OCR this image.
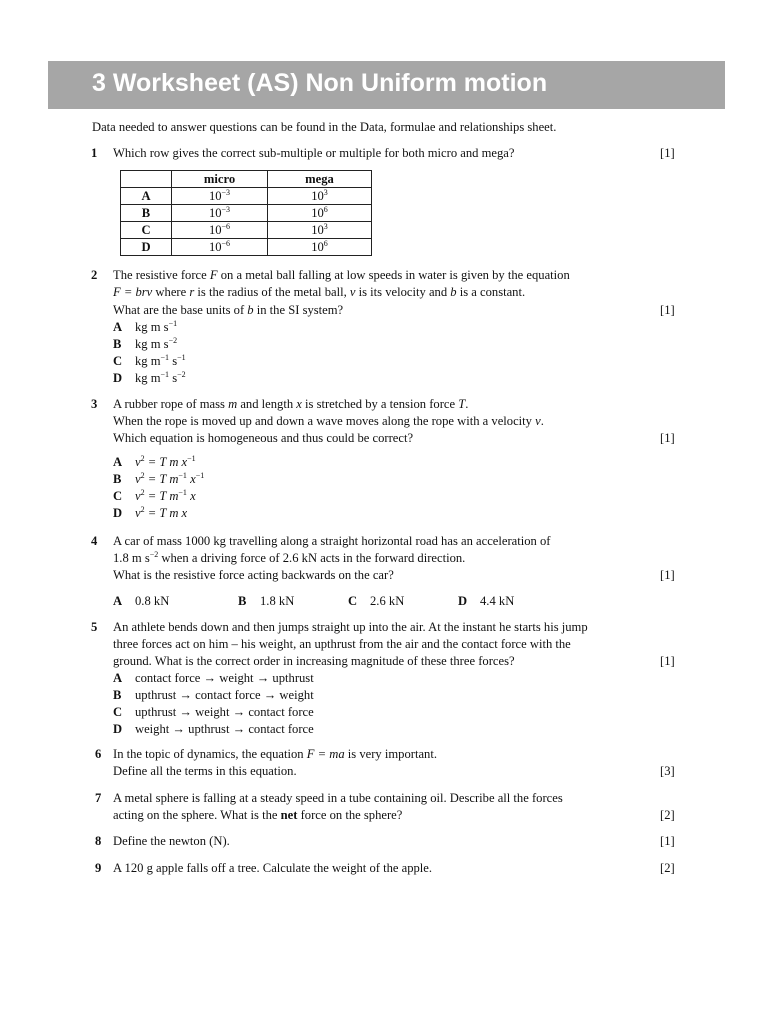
3 Worksheet (AS) Non Uniform motion
Data needed to answer questions can be found in the Data, formulae and relationships sheet.
1	Which row gives the correct sub-multiple or multiple for both micro and mega?	[1]
	micro	mega
A	$10^{-3}$	$10^3$
B	$10^{-3}$	$10^6$
C	$10^{-6}$	$10^3$
D	$10^{-6}$	$10^6$
2	The resistive force F on a metal ball falling at low speeds in water is given by the equation
F = brv where r is the radius of the metal ball, v is its velocity and b is a constant.
What are the base units of b in the SI system?	[1]
A kg m $s^{-1}$
B kg m $s^{-2}$
C kg $m^{-1}$ $s^{-1}$
D kg $m^{-1}$ $s^{-2}$
3	A rubber rope of mass m and length x is stretched by a tension force T.
When the rope is moved up and down a wave moves along the rope with a velocity v.
Which equation is homogeneous and thus could be correct?	[1]
A $v^2 = T$ m $x^{-1}$
B $v^2 = T$ $m^{-1}$ $x^{-1}$
C $v^2 = T$ $m^{-1}$ x
D $v^2 = T$ m x
4	A car of mass 1000 kg travelling along a straight horizontal road has an acceleration of
1.8 m $s^{-2}$ when a driving force of 2.6 kN acts in the forward direction.
What is the resistive force acting backwards on the car?	[1]
A 0.8 kN	B 1.8 kN	C 2.6 kN	D 4.4 kN
5	An athlete bends down and then jumps straight up into the air. At the instant he starts his jump
three forces act on him – his weight, an upthrust from the air and the contact force with the
ground. What is the correct order in increasing magnitude of these three forces?	[1]
A contact force → weight → upthrust
B upthrust → contact force → weight
C upthrust → weight → contact force
D weight → upthrust → contact force
6 In the topic of dynamics, the equation F = ma is very important.
Define all the terms in this equation.	[3]
7 A metal sphere is falling at a steady speed in a tube containing oil. Describe all the forces
acting on the sphere. What is the net force on the sphere?	[2]
8 Define the newton (N).	[1]
9 A 120 g apple falls off a tree. Calculate the weight of the apple.	[2]
